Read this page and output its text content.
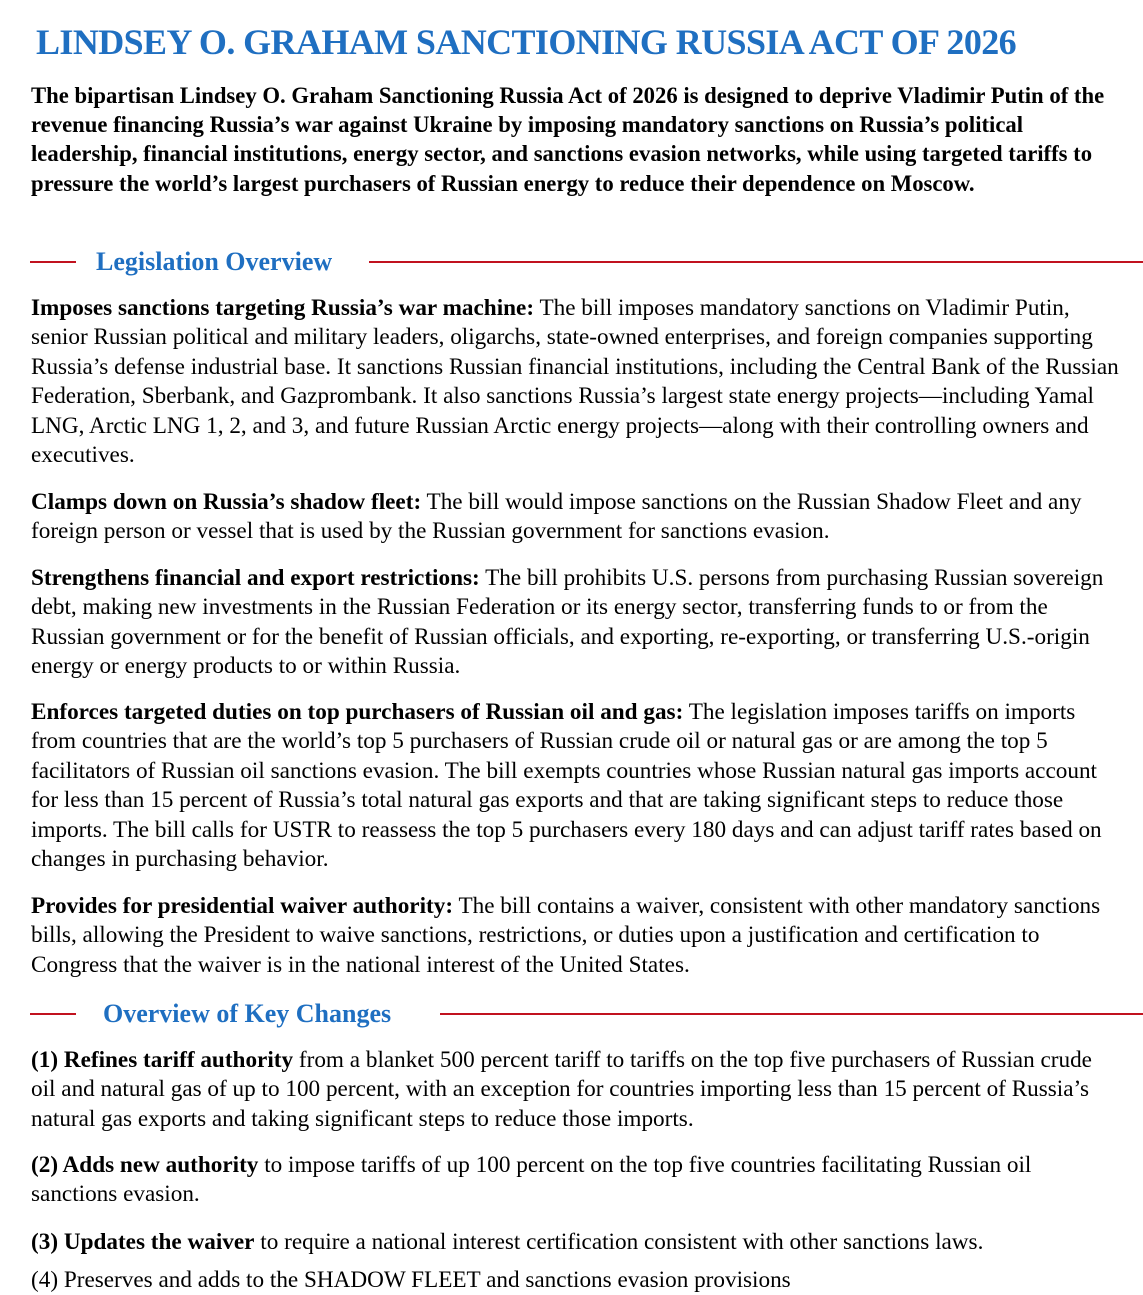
LINDSEY O. GRAHAM SANCTIONING RUSSIA ACT OF 2026

The bipartisan Lindsey O. Graham Sanctioning Russia Act of 2026 is designed to deprive Vladimir Putin of the revenue financing Russia’s war against Ukraine by imposing mandatory sanctions on Russia’s political leadership, financial institutions, energy sector, and sanctions evasion networks, while using targeted tariffs to pressure the world’s largest purchasers of Russian energy to reduce their dependence on Moscow.

Legislation Overview

Imposes sanctions targeting Russia’s war machine: The bill imposes mandatory sanctions on Vladimir Putin, senior Russian political and military leaders, oligarchs, state-owned enterprises, and foreign companies supporting Russia’s defense industrial base. It sanctions Russian financial institutions, including the Central Bank of the Russian Federation, Sberbank, and Gazprombank. It also sanctions Russia’s largest state energy projects—including Yamal LNG, Arctic LNG 1, 2, and 3, and future Russian Arctic energy projects—along with their controlling owners and executives.

Clamps down on Russia’s shadow fleet: The bill would impose sanctions on the Russian Shadow Fleet and any foreign person or vessel that is used by the Russian government for sanctions evasion.

Strengthens financial and export restrictions: The bill prohibits U.S. persons from purchasing Russian sovereign debt, making new investments in the Russian Federation or its energy sector, transferring funds to or from the Russian government or for the benefit of Russian officials, and exporting, re-exporting, or transferring U.S.-origin energy or energy products to or within Russia.

Enforces targeted duties on top purchasers of Russian oil and gas: The legislation imposes tariffs on imports from countries that are the world’s top 5 purchasers of Russian crude oil or natural gas or are among the top 5 facilitators of Russian oil sanctions evasion. The bill exempts countries whose Russian natural gas imports account for less than 15 percent of Russia’s total natural gas exports and that are taking significant steps to reduce those imports. The bill calls for USTR to reassess the top 5 purchasers every 180 days and can adjust tariff rates based on changes in purchasing behavior.

Provides for presidential waiver authority: The bill contains a waiver, consistent with other mandatory sanctions bills, allowing the President to waive sanctions, restrictions, or duties upon a justification and certification to Congress that the waiver is in the national interest of the United States.

Overview of Key Changes

(1) Refines tariff authority from a blanket 500 percent tariff to tariffs on the top five purchasers of Russian crude oil and natural gas of up to 100 percent, with an exception for countries importing less than 15 percent of Russia’s natural gas exports and taking significant steps to reduce those imports.

(2) Adds new authority to impose tariffs of up 100 percent on the top five countries facilitating Russian oil sanctions evasion.

(3) Updates the waiver to require a national interest certification consistent with other sanctions laws.

(4) Preserves and adds to the SHADOW FLEET and sanctions evasion provisions
